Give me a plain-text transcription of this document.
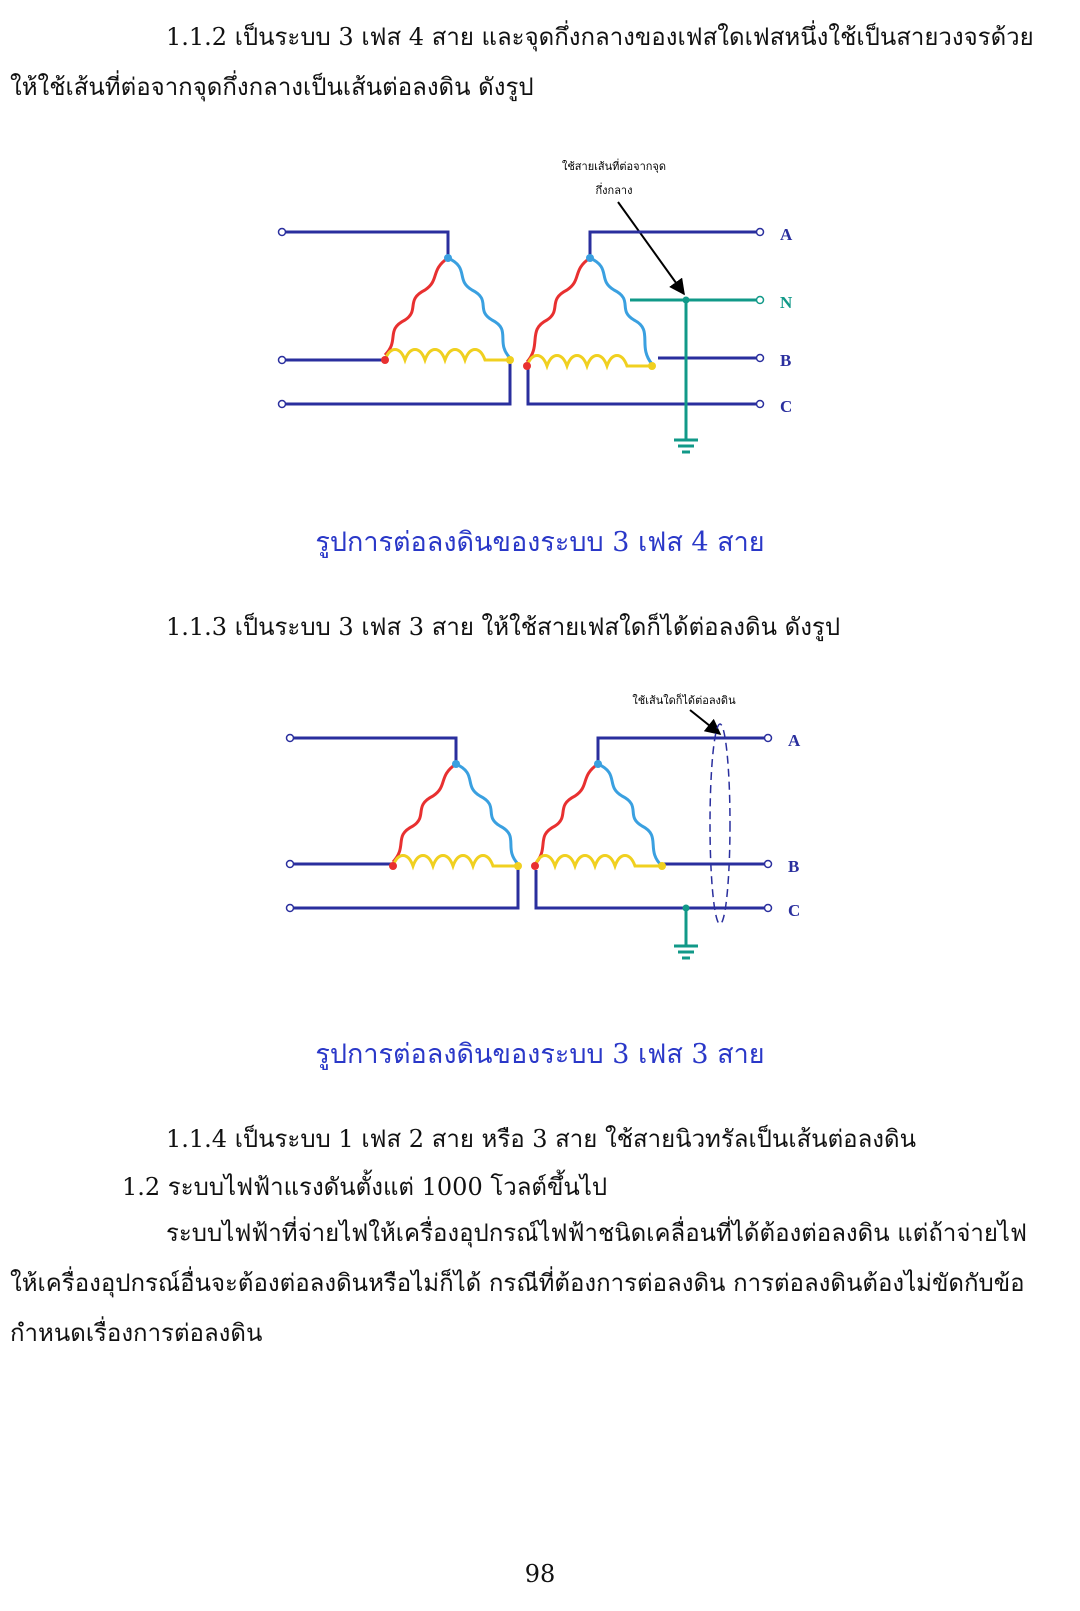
1.1.2 เป็นระบบ 3 เฟส 4 สาย และจุดกึ่งกลางของเฟสใดเฟสหนึ่งใช้เป็นสายวงจรด้วย ให้ใช้เส้นที่ต่อจากจุดกึ่งกลางเป็นเส้นต่อลงดิน ดังรูป

ใช้สายเส้นที่ต่อจากจุด
กึ่งกลาง
A
N
B
C

รูปการต่อลงดินของระบบ 3 เฟส 4 สาย

1.1.3 เป็นระบบ 3 เฟส 3 สาย ให้ใช้สายเฟสใดก็ได้ต่อลงดิน ดังรูป

ใช้เส้นใดก็ได้ต่อลงดิน
A
B
C

รูปการต่อลงดินของระบบ 3 เฟส 3 สาย

1.1.4 เป็นระบบ 1 เฟส 2 สาย หรือ 3 สาย ใช้สายนิวทรัลเป็นเส้นต่อลงดิน

1.2 ระบบไฟฟ้าแรงดันตั้งแต่ 1000 โวลต์ขึ้นไป

ระบบไฟฟ้าที่จ่ายไฟให้เครื่องอุปกรณ์ไฟฟ้าชนิดเคลื่อนที่ได้ต้องต่อลงดิน แต่ถ้าจ่ายไฟให้เครื่องอุปกรณ์อื่นจะต้องต่อลงดินหรือไม่ก็ได้ กรณีที่ต้องการต่อลงดิน การต่อลงดินต้องไม่ขัดกับข้อกำหนดเรื่องการต่อลงดิน

98
